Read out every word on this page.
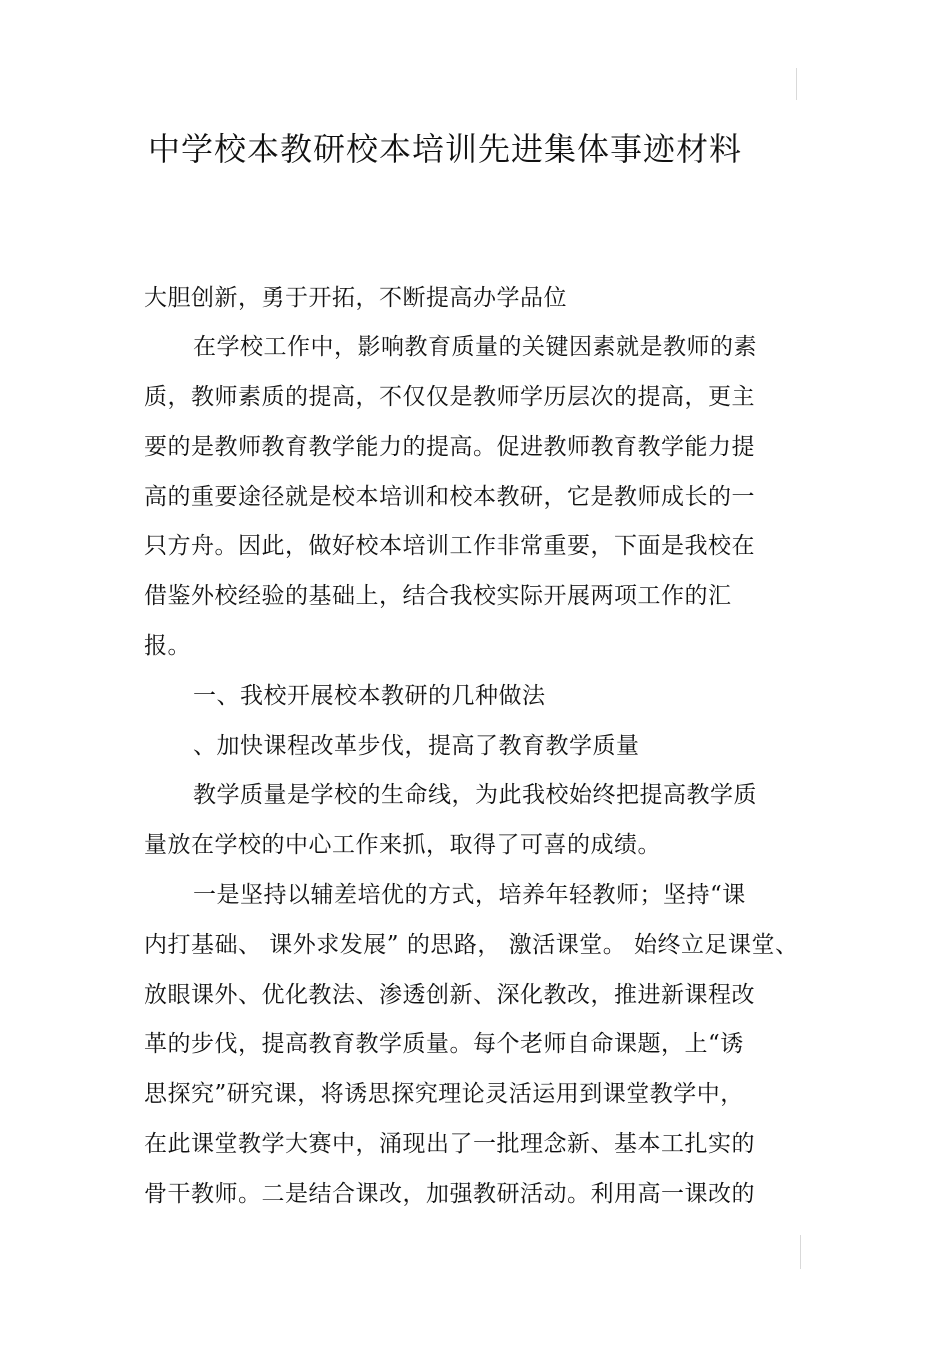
中学校本教研校本培训先进集体事迹材料
大胆创新，勇于开拓，不断提高办学品位
在学校工作中，影响教育质量的关键因素就是教师的素
质，教师素质的提高，不仅仅是教师学历层次的提高，更主
要的是教师教育教学能力的提高。促进教师教育教学能力提
高的重要途径就是校本培训和校本教研，它是教师成长的一
只方舟。因此，做好校本培训工作非常重要，下面是我校在
借鉴外校经验的基础上，结合我校实际开展两项工作的汇
报。
一、我校开展校本教研的几种做法
、加快课程改革步伐，提高了教育教学质量
教学质量是学校的生命线，为此我校始终把提高教学质
量放在学校的中心工作来抓，取得了可喜的成绩。
一是坚持以辅差培优的方式，培养年轻教师；坚持“课
内打基础、 课外求发展” 的思路， 激活课堂。 始终立足课堂、
放眼课外、优化教法、渗透创新、深化教改，推进新课程改
革的步伐，提高教育教学质量。每个老师自命课题，上“诱
思探究”研究课，将诱思探究理论灵活运用到课堂教学中，
在此课堂教学大赛中，涌现出了一批理念新、基本工扎实的
骨干教师。二是结合课改，加强教研活动。利用高一课改的
